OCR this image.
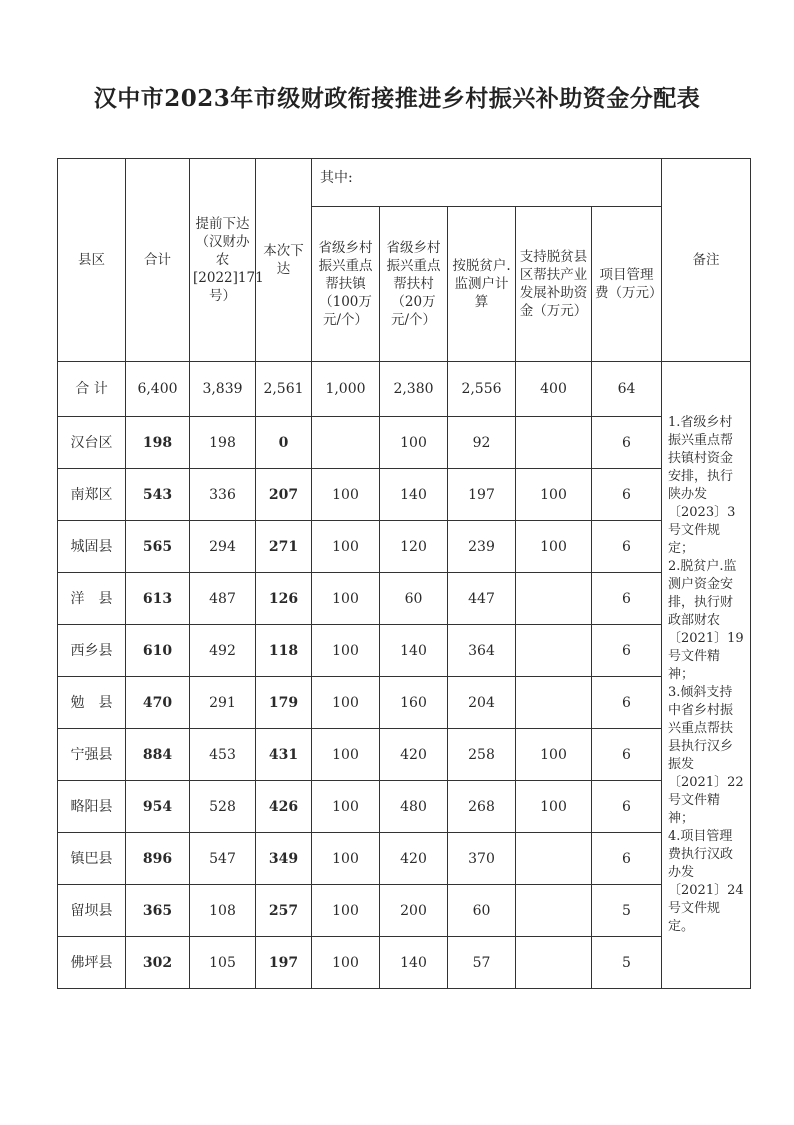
汉中市2023年市级财政衔接推进乡村振兴补助资金分配表
县区	合计	提前下达（汉财办农[2022]171号）	本次下达	其中:					备注
				省级乡村振兴重点帮扶镇（100万元/个）	省级乡村振兴重点帮扶村（20万元/个）	按脱贫户.监测户计算	支持脱贫县区帮扶产业发展补助资金（万元）	项目管理费（万元）	
合 计	6,400	3,839	2,561	1,000	2,380	2,556	400	64	1.省级乡村振兴重点帮扶镇村资金安排，执行陕办发〔2023〕3号文件规定；
2.脱贫户.监测户资金安排，执行财政部财农〔2021〕19号文件精神；
3.倾斜支持中省乡村振兴重点帮扶县执行汉乡振发〔2021〕22号文件精神；
4.项目管理费执行汉政办发〔2021〕24号文件规定。
汉台区	198	198	0		100	92		6	
南郑区	543	336	207	100	140	197	100	6	
城固县	565	294	271	100	120	239	100	6	
洋　县	613	487	126	100	60	447		6	
西乡县	610	492	118	100	140	364		6	
勉　县	470	291	179	100	160	204		6	
宁强县	884	453	431	100	420	258	100	6	
略阳县	954	528	426	100	480	268	100	6	
镇巴县	896	547	349	100	420	370		6	
留坝县	365	108	257	100	200	60		5	
佛坪县	302	105	197	100	140	57		5	
